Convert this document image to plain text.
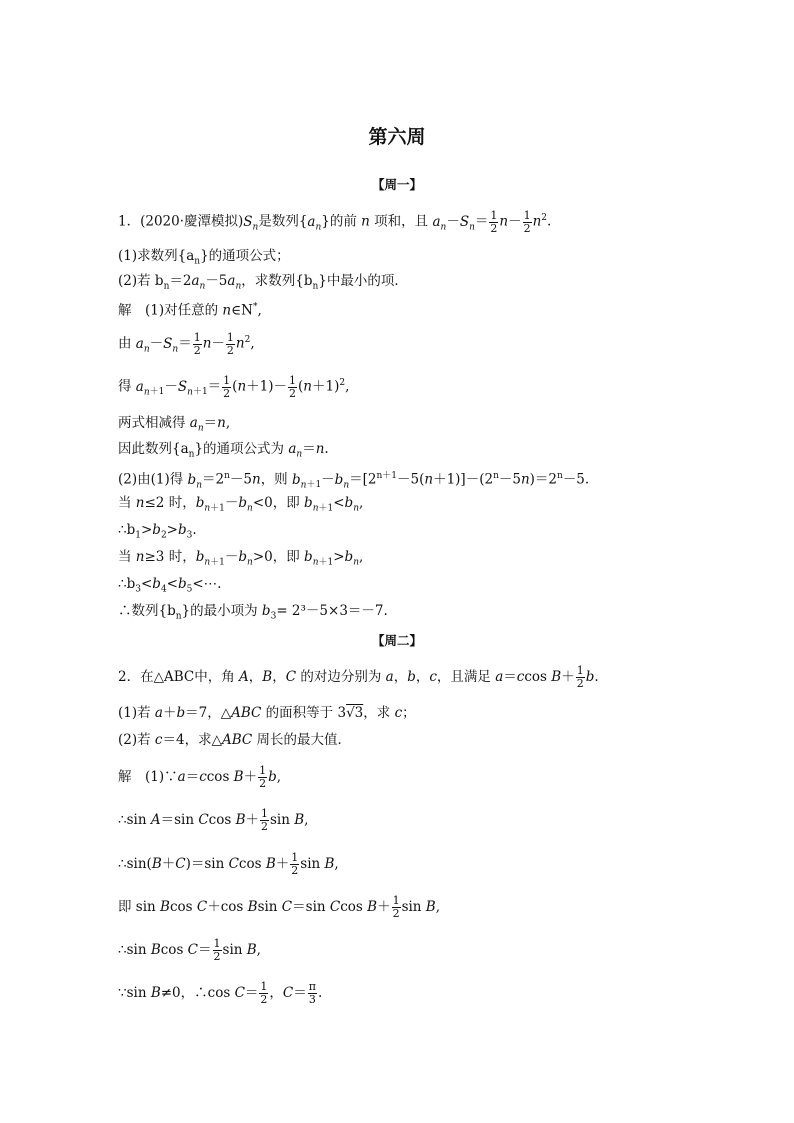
第六周
【周一】
1．(2020·慶潭模拟)$S_n$是数列$\{a_n\}$的前 n 项和，且 $a_n-S_n= \frac{1}{2} n- \frac{1}{2} n^2$.
(1)求数列$\{a_n\}$的通项公式；
(2)若 $b_n=2a_n-5a_n$，求数列$\{b_n\}$中最小的项．
解　(1)对任意的 n∈N*,
由 $a_n-S_n= \frac{1}{2} n- \frac{1}{2} n^2$,
得 $a_{n+1}-S_{n+1}= \frac{1}{2} (n+1)- \frac{1}{2} (n+1)^2$,
两式相减得 $a_n=n$,
因此数列$\{a_n\}$的通项公式为 $a_n=n$.
(2)由(1)得 $b_n=2^n-5n$，则 $b_{n+1}-b_n=[2^{n+1}-5(n+1)]-(2^n-5n)=2^n-5$.
当 n≤2 时，$b_{n+1}-b_n<0$，即 $b_{n+1}<b_n$,
$\therefore b_1>b_2>b_3$.
当 n≥3 时，$b_{n+1}-b_n>0$，即 $b_{n+1}>b_n$,
$\therefore b_3<b_4<b_5<\cdots$.
∴数列$\{b_n\}$的最小项为 $b_3= 2^3-5\times 3=-7$.
【周二】
2．在△ABC中，角 A，B，C 的对边分别为 a，b，c，且满足 a＝ccos $B+ \frac{1}{2} b$.
(1)若 a＋b＝7，△ABC 的面积等于 3√3，求 c；
(2)若 c＝4，求△ABC 周长的最大值．
解　(1)∵a＝ccos $B+ \frac{1}{2} b$,
∴sin A＝sin Ccos $B+ \frac{1}{2}$ sin B,
∴sin(B＋C)＝sin Ccos $B+ \frac{1}{2}$ sin B,
即 sin Bcos C＋cos Bsin C＝sin Ccos $B+ \frac{1}{2}$ sin B,
∴sin Bcos $C= \frac{1}{2}$ sin B,
∵sin B≠0，∴cos $C= \frac{1}{2}$ ，$C= \frac{\pi}{3}$ .
